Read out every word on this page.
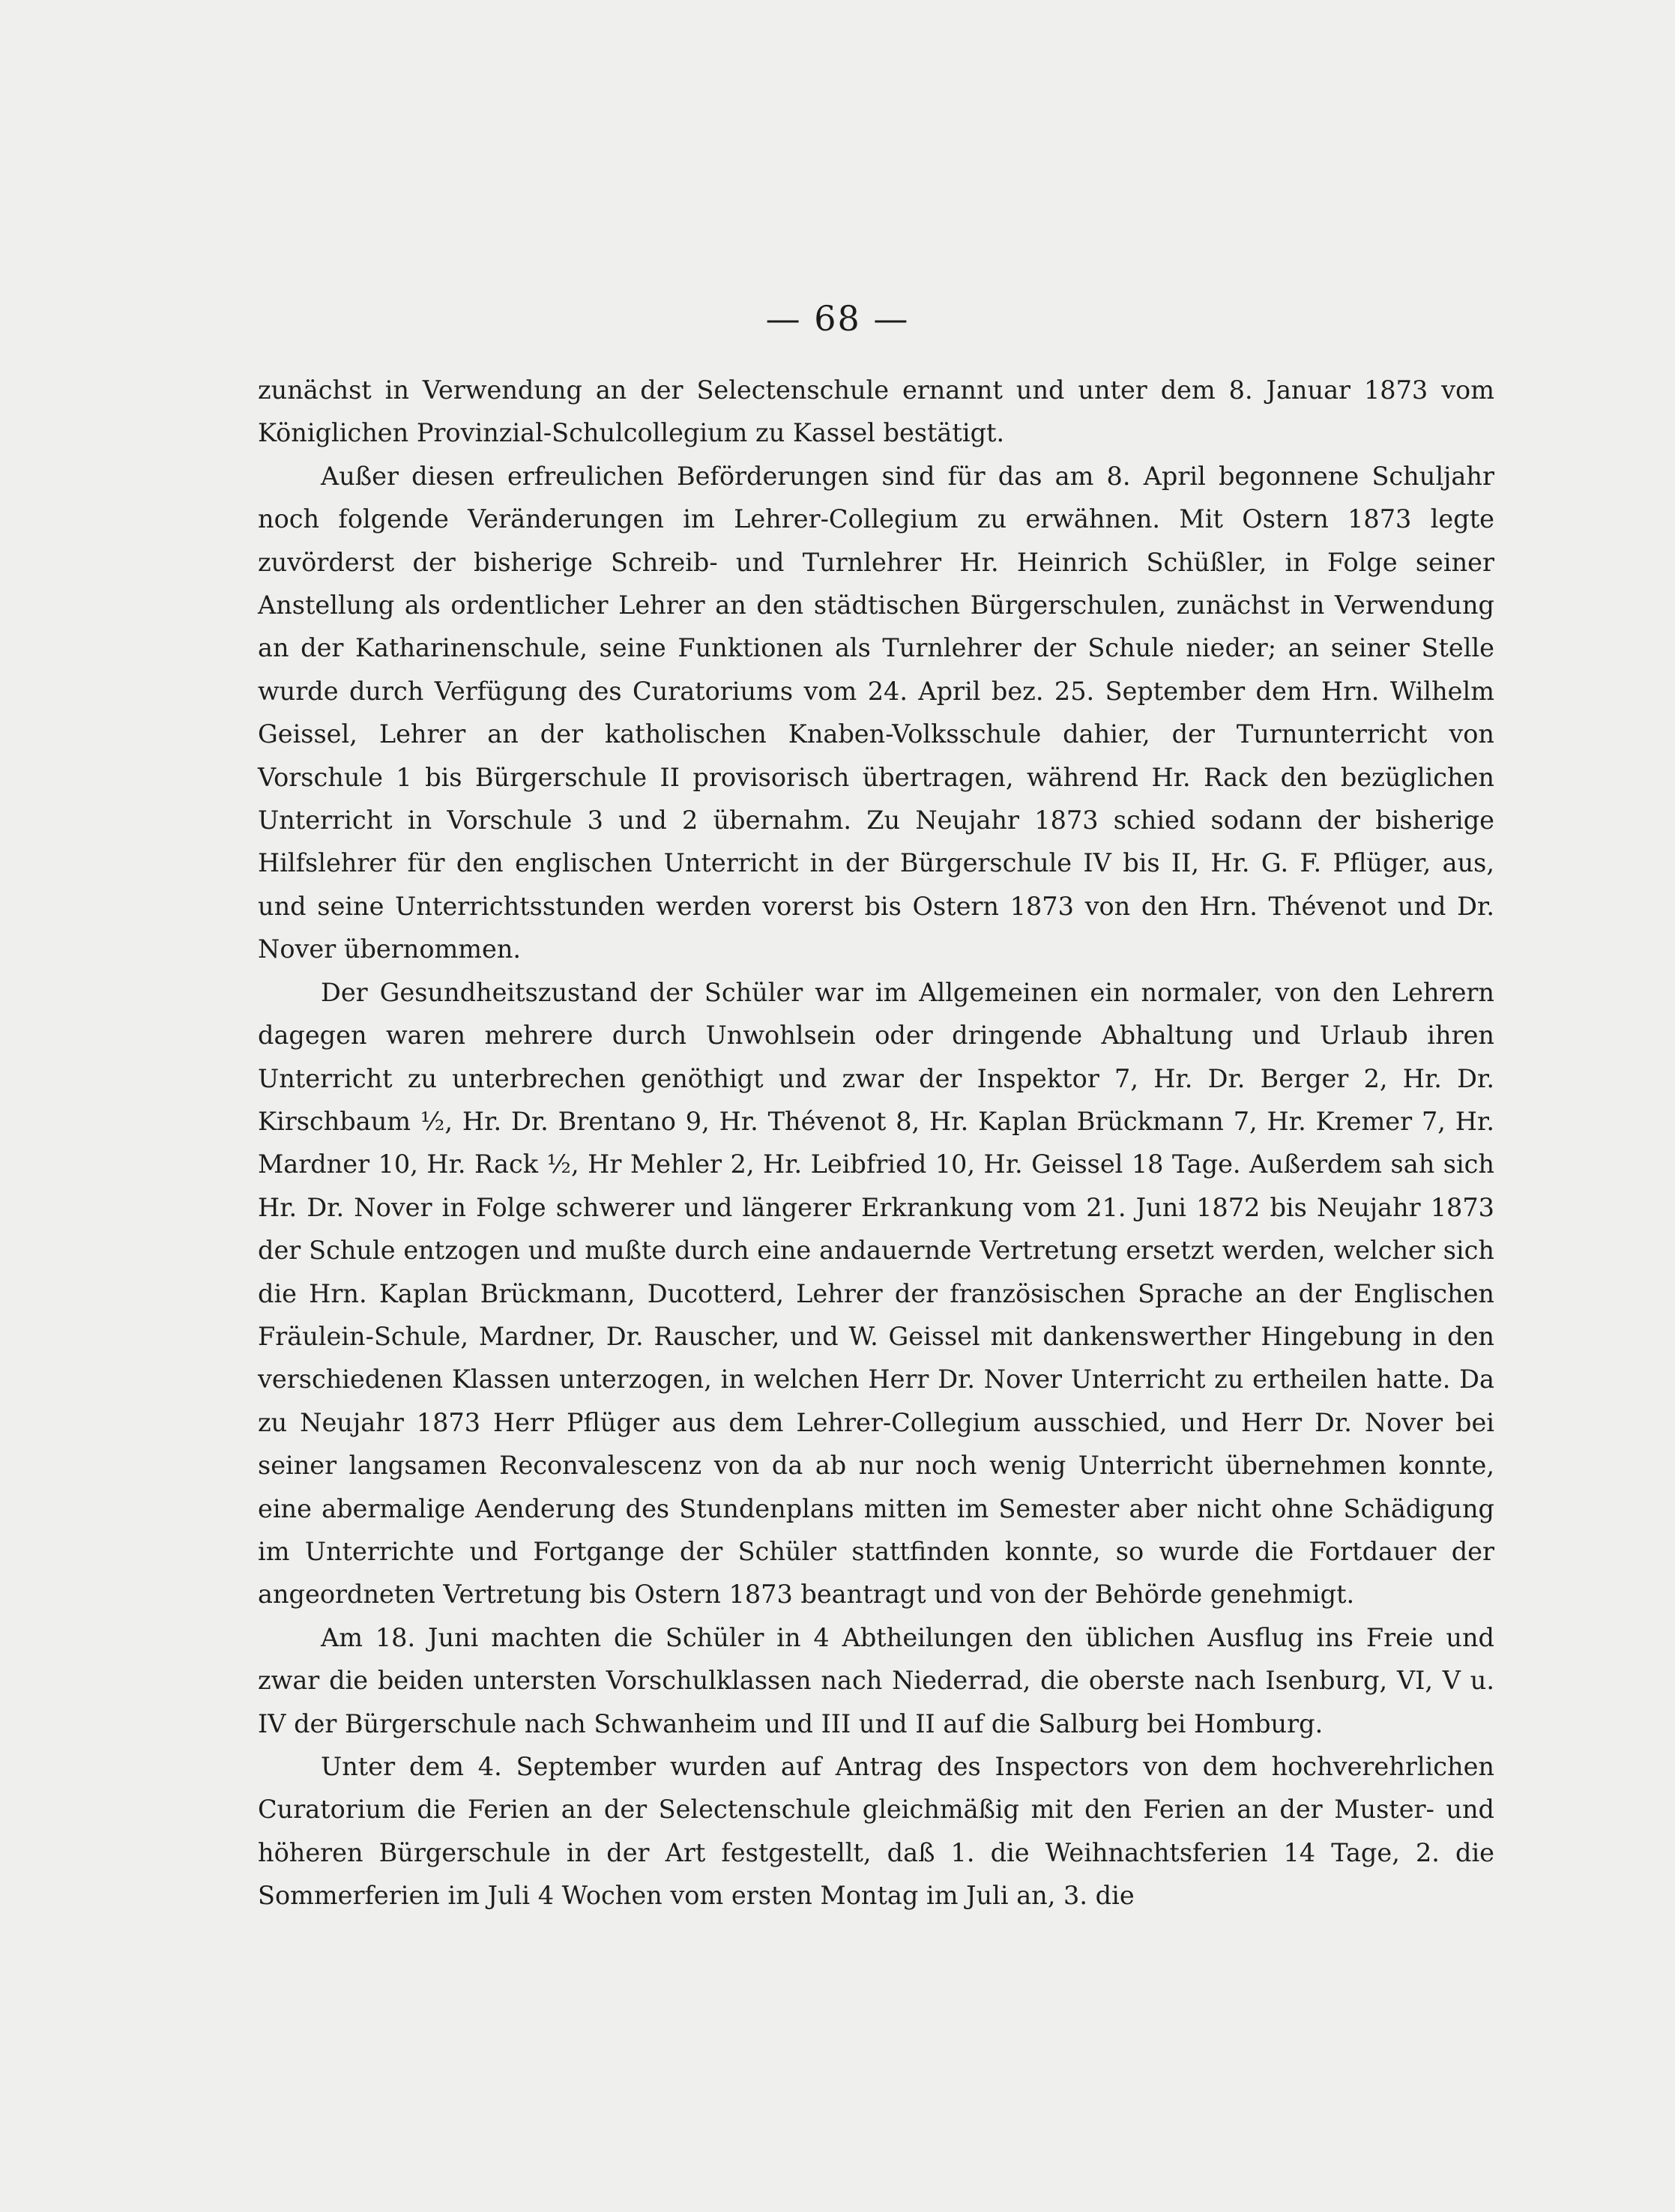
— 68 —

zunächst in Verwendung an der Selectenschule ernannt und unter dem 8. Januar 1873 vom Königlichen Provinzial-Schulcollegium zu Kassel bestätigt.

Außer diesen erfreulichen Beförderungen sind für das am 8. April begonnene Schuljahr noch folgende Veränderungen im Lehrer-Collegium zu erwähnen. Mit Ostern 1873 legte zuvörderst der bisherige Schreib- und Turnlehrer Hr. Heinrich Schüßler, in Folge seiner Anstellung als ordentlicher Lehrer an den städtischen Bürgerschulen, zunächst in Verwendung an der Katharinenschule, seine Funktionen als Turnlehrer der Schule nieder; an seiner Stelle wurde durch Verfügung des Curatoriums vom 24. April bez. 25. September dem Hrn. Wilhelm Geissel, Lehrer an der katholischen Knaben-Volksschule dahier, der Turnunterricht von Vorschule 1 bis Bürgerschule II provisorisch übertragen, während Hr. Rack den bezüglichen Unterricht in Vorschule 3 und 2 übernahm. Zu Neujahr 1873 schied sodann der bisherige Hilfslehrer für den englischen Unterricht in der Bürgerschule IV bis II, Hr. G. F. Pflüger, aus, und seine Unterrichtsstunden werden vorerst bis Ostern 1873 von den Hrn. Thévenot und Dr. Nover übernommen.

Der Gesundheitszustand der Schüler war im Allgemeinen ein normaler, von den Lehrern dagegen waren mehrere durch Unwohlsein oder dringende Abhaltung und Urlaub ihren Unterricht zu unterbrechen genöthigt und zwar der Inspektor 7, Hr. Dr. Berger 2, Hr. Dr. Kirschbaum ½, Hr. Dr. Brentano 9, Hr. Thévenot 8, Hr. Kaplan Brückmann 7, Hr. Kremer 7, Hr. Mardner 10, Hr. Rack ½, Hr Mehler 2, Hr. Leibfried 10, Hr. Geissel 18 Tage. Außerdem sah sich Hr. Dr. Nover in Folge schwerer und längerer Erkrankung vom 21. Juni 1872 bis Neujahr 1873 der Schule entzogen und mußte durch eine andauernde Vertretung ersetzt werden, welcher sich die Hrn. Kaplan Brückmann, Ducotterd, Lehrer der französischen Sprache an der Englischen Fräulein-Schule, Mardner, Dr. Rauscher, und W. Geissel mit dankenswerther Hingebung in den verschiedenen Klassen unterzogen, in welchen Herr Dr. Nover Unterricht zu ertheilen hatte. Da zu Neujahr 1873 Herr Pflüger aus dem Lehrer-Collegium ausschied, und Herr Dr. Nover bei seiner langsamen Reconvalescenz von da ab nur noch wenig Unterricht übernehmen konnte, eine abermalige Aenderung des Stundenplans mitten im Semester aber nicht ohne Schädigung im Unterrichte und Fortgange der Schüler stattfinden konnte, so wurde die Fortdauer der angeordneten Vertretung bis Ostern 1873 beantragt und von der Behörde genehmigt.

Am 18. Juni machten die Schüler in 4 Abtheilungen den üblichen Ausflug ins Freie und zwar die beiden untersten Vorschulklassen nach Niederrad, die oberste nach Isenburg, VI, V u. IV der Bürgerschule nach Schwanheim und III und II auf die Salburg bei Homburg.

Unter dem 4. September wurden auf Antrag des Inspectors von dem hochverehrlichen Curatorium die Ferien an der Selectenschule gleichmäßig mit den Ferien an der Muster- und höheren Bürgerschule in der Art festgestellt, daß 1. die Weihnachtsferien 14 Tage, 2. die Sommerferien im Juli 4 Wochen vom ersten Montag im Juli an, 3. die
